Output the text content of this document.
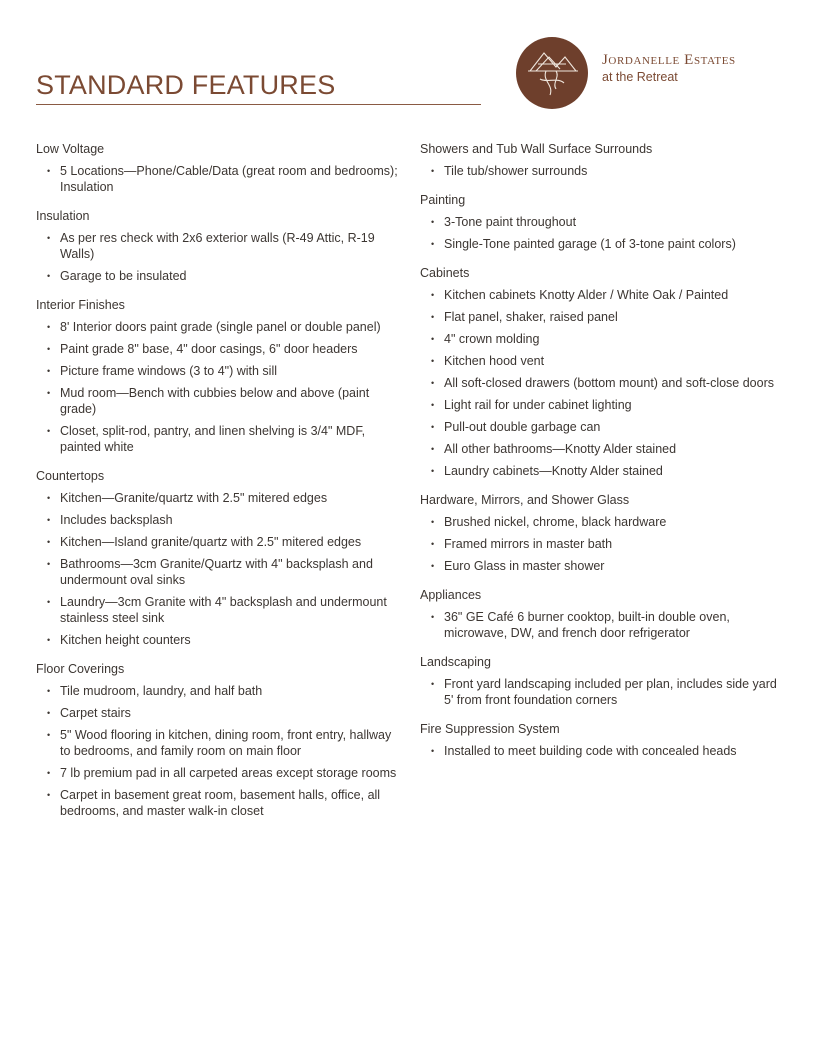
STANDARD FEATURES
Jordanelle Estates
at the Retreat
Low Voltage
• 5 Locations—Phone/Cable/Data (great room and bedrooms); Insulation
Insulation
• As per res check with 2x6 exterior walls (R-49 Attic, R-19 Walls)
• Garage to be insulated
Interior Finishes
• 8' Interior doors paint grade (single panel or double panel)
• Paint grade 8" base, 4" door casings, 6" door headers
• Picture frame windows (3 to 4") with sill
• Mud room—Bench with cubbies below and above (paint grade)
• Closet, split-rod, pantry, and linen shelving is 3/4" MDF, painted white
Countertops
• Kitchen—Granite/quartz with 2.5" mitered edges
• Includes backsplash
• Kitchen—Island granite/quartz with 2.5" mitered edges
• Bathrooms—3cm Granite/Quartz with 4" backsplash and undermount oval sinks
• Laundry—3cm Granite with 4" backsplash and undermount stainless steel sink
• Kitchen height counters
Floor Coverings
• Tile mudroom, laundry, and half bath
• Carpet stairs
• 5" Wood flooring in kitchen, dining room, front entry, hallway to bedrooms, and family room on main floor
• 7 lb premium pad in all carpeted areas except storage rooms
• Carpet in basement great room, basement halls, office, all bedrooms, and master walk-in closet
Showers and Tub Wall Surface Surrounds
• Tile tub/shower surrounds
Painting
• 3-Tone paint throughout
• Single-Tone painted garage (1 of 3-tone paint colors)
Cabinets
• Kitchen cabinets Knotty Alder / White Oak / Painted
• Flat panel, shaker, raised panel
• 4" crown molding
• Kitchen hood vent
• All soft-closed drawers (bottom mount) and soft-close doors
• Light rail for under cabinet lighting
• Pull-out double garbage can
• All other bathrooms—Knotty Alder stained
• Laundry cabinets—Knotty Alder stained
Hardware, Mirrors, and Shower Glass
• Brushed nickel, chrome, black hardware
• Framed mirrors in master bath
• Euro Glass in master shower
Appliances
• 36" GE Café 6 burner cooktop, built-in double oven, microwave, DW, and french door refrigerator
Landscaping
• Front yard landscaping included per plan, includes side yard 5' from front foundation corners
Fire Suppression System
• Installed to meet building code with concealed heads
